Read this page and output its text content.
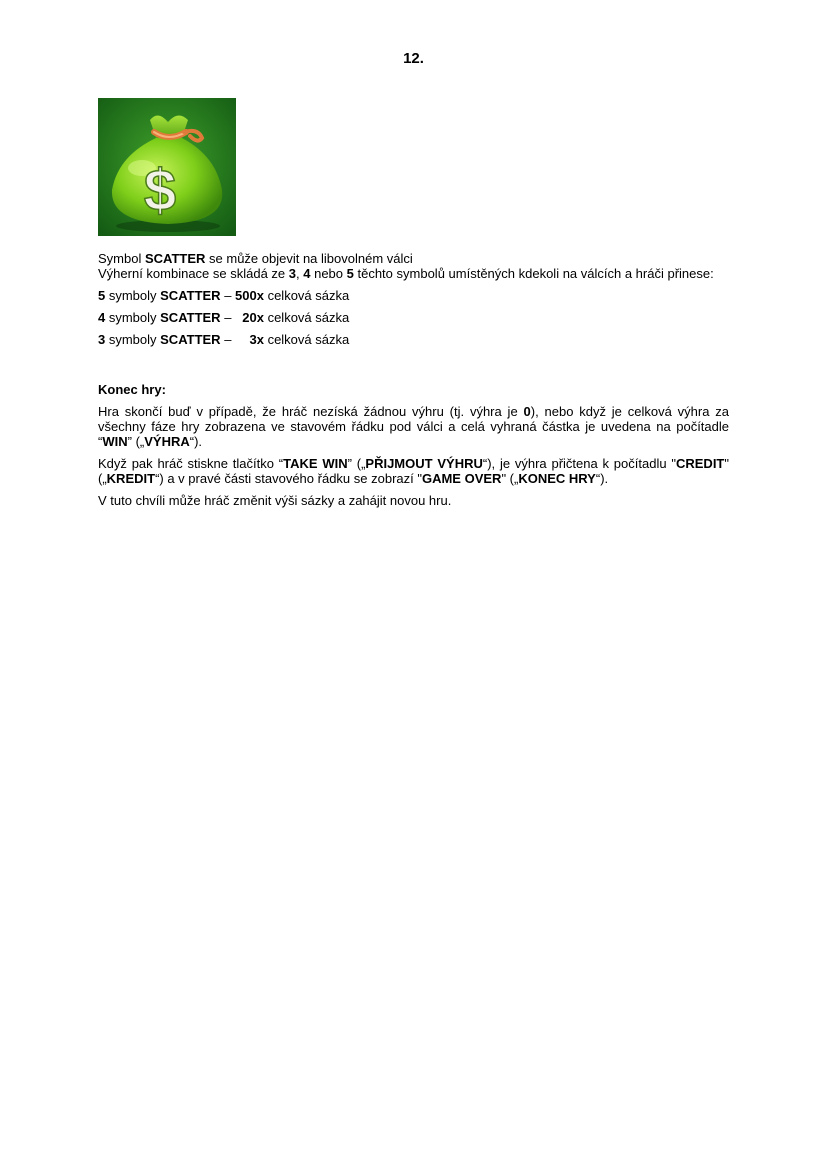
12.
$

Symbol SCATTER se může objevit na libovolném válci

Výherní kombinace se skládá ze 3, 4 nebo 5 těchto symbolů umístěných kdekoli na válcích a hráči přinese:

5 symboly SCATTER – 500x celková sázka

4 symboly SCATTER –   20x celková sázka

3 symboly SCATTER –     3x celková sázka

Konec hry:

Hra skončí buď v případě, že hráč nezíská žádnou výhru (tj. výhra je 0), nebo když je celková výhra za všechny fáze hry zobrazena ve stavovém řádku pod válci a celá vyhraná částka je uvedena na počítadle “WIN” („VÝHRA“).

Když pak hráč stiskne tlačítko “TAKE WIN” („PŘIJMOUT VÝHRU“), je výhra přičtena k počítadlu "CREDIT" („KREDIT“) a v pravé části stavového řádku se zobrazí "GAME OVER" („KONEC HRY“).

V tuto chvíli může hráč změnit výši sázky a zahájit novou hru.
